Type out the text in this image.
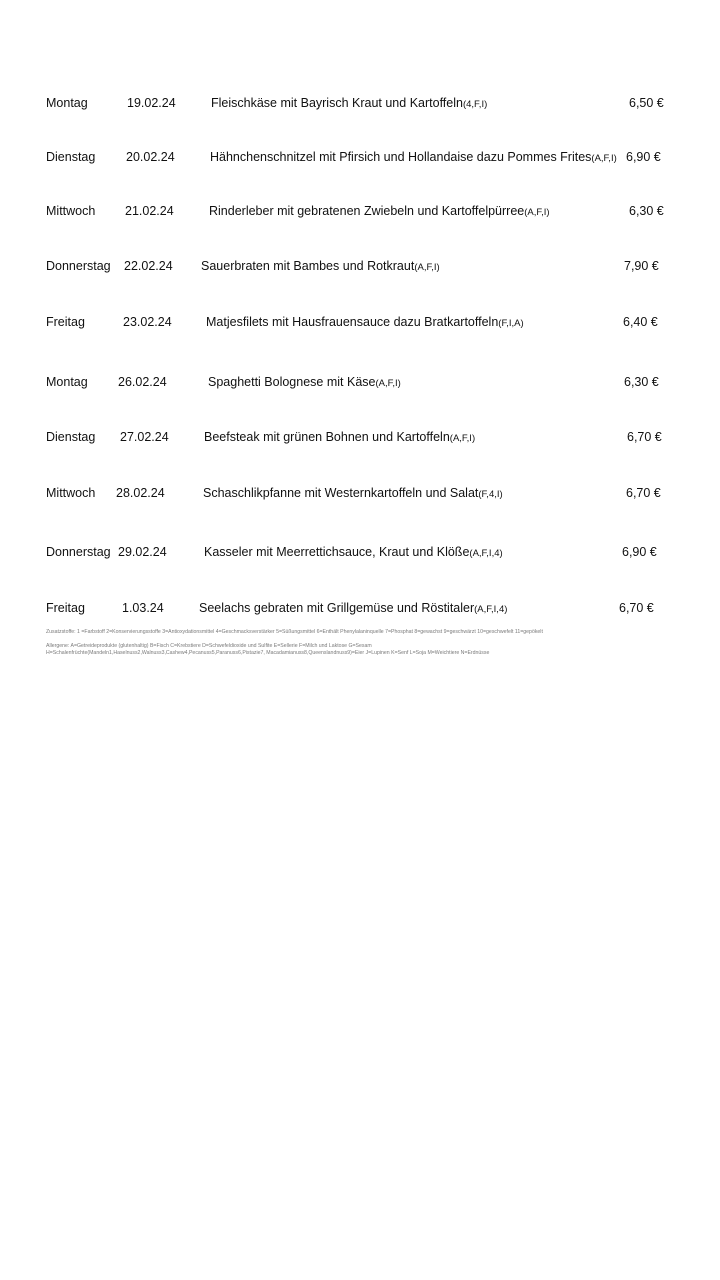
Montag	19.02.24	Fleischkäse mit Bayrisch Kraut und Kartoffeln(4,F,I)	6,50 €
Dienstag 20.02.24	Hähnchenschnitzel mit Pfirsich und Hollandaise dazu Pommes Frites(A,F,I) 6,90 €
Mittwoch 21.02.24	Rinderleber mit gebratenen Zwiebeln und Kartoffelpürree(A,F,I)	6,30 €
Donnerstag 22.02.24 Sauerbraten mit Bambes und Rotkraut(A,F,I)	7,90 €
Freitag	23.02.24	Matjesfilets mit Hausfrauensauce dazu Bratkartoffeln(F,I,A)	6,40 €
Montag 26.02.24	Spaghetti Bolognese mit Käse(A,F,I)	6,30 €
Dienstag 27.02.24	Beefsteak mit grünen Bohnen und Kartoffeln(A,F,I)	6,70 €
Mittwoch 28.02.24	Schaschlikpfanne mit Westernkartoffeln und Salat(F,4,I)	6,70 €
Donnerstag 29.02.24	Kasseler mit Meerrettichsauce, Kraut und Klöße(A,F,I,4)	6,90 €
Freitag	1.03.24	Seelachs gebraten mit Grillgemüse und Röstitaler(A,F,I,4)	6,70 €
Zusatzstoffe: 1 =Farbstoff 2=Konservierungsstoffe 3=Antioxydationsmittel 4=Geschmacksverstärker 5=Süßungsmittel 6=Enthält Phenylalaninquelle 7=Phosphat 8=gewachst 9=geschwärzt 10=geschwefelt 11=gepökelt
Allergene: A=Getreideprodukte (glutenhaltig) B=Fisch C=Krebstiere D=Schwefeldioxide und Sulfite E=Sellerie F=Milch und Laktose G=Sesam
H=Schalenfrüchte(Mandeln1,Haselnuss2,Walnuss3,Cashew4,Pecanuss5,Paranuss6,Pistazie7, Macadamianuss8,Queenslandnuss9)=Eier J=Lupinen K=Senf L=Soja M=Weichtiere N=Erdnüsse
